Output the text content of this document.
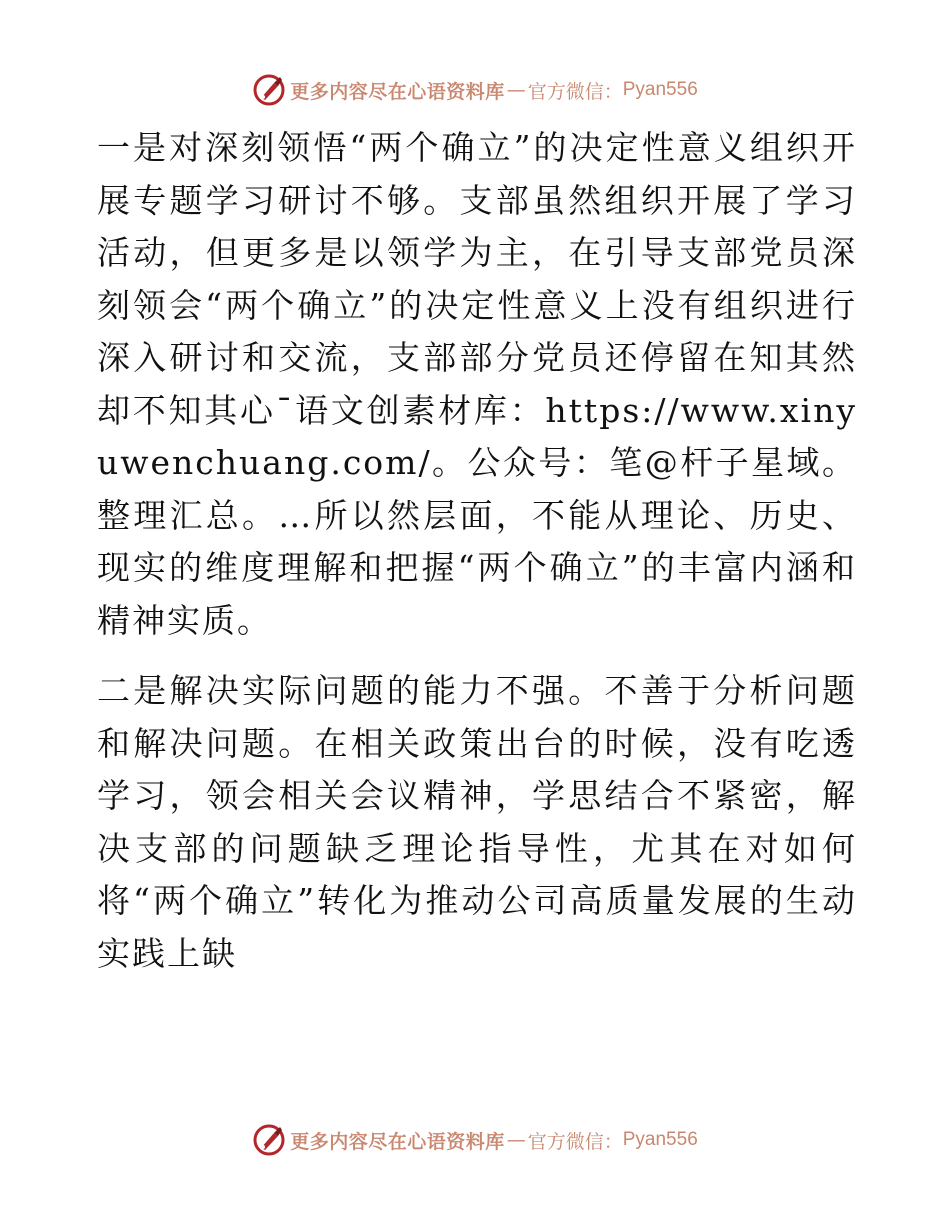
更多内容尽在心语资料库 — 官方微信： Pyan556

一是对深刻领悟“两个确立”的决定性意义组织开展专题学习研讨不够。支部虽然组织开展了学习活动，但更多是以领学为主，在引导支部党员深刻领会“两个确立”的决定性意义上没有组织进行深入研讨和交流，支部部分党员还停留在知其然却不知其心¯语文创素材库：https://www.xinyuwenchuang.com/。公众号：笔@杆子星域。整理汇总。…所以然层面，不能从理论、历史、现实的维度理解和把握“两个确立”的丰富内涵和精神实质。

二是解决实际问题的能力不强。不善于分析问题和解决问题。在相关政策出台的时候，没有吃透学习，领会相关会议精神，学思结合不紧密，解决支部的问题缺乏理论指导性，尤其在对如何将“两个确立”转化为推动公司高质量发展的生动实践上缺

更多内容尽在心语资料库 — 官方微信： Pyan556
